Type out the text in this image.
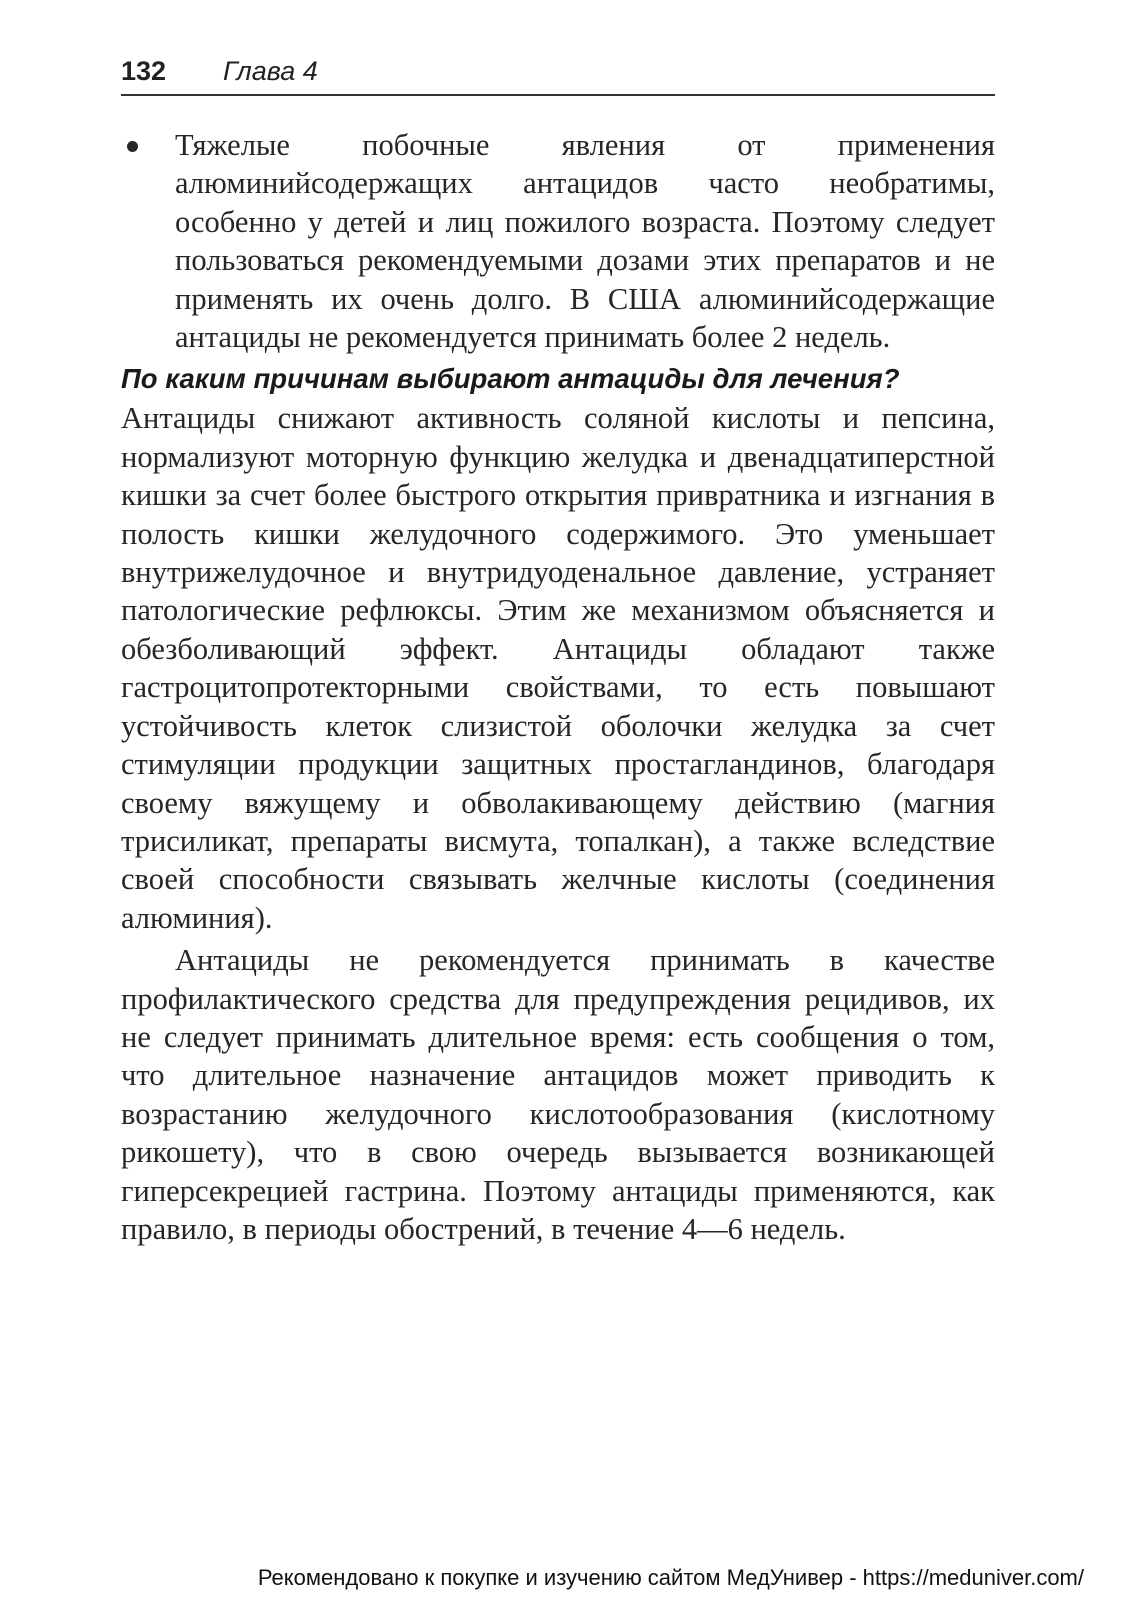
132 Глава 4
Тяжелые побочные явления от применения алюминийсодержащих антацидов часто необратимы, особенно у детей и лиц пожилого возраста. Поэтому следует пользоваться рекомендуемыми дозами этих препаратов и не применять их очень долго. В США алюминийсодержащие антациды не рекомендуется принимать более 2 недель.
По каким причинам выбирают антациды для лечения?

Антациды снижают активность соляной кислоты и пепсина, нормализуют моторную функцию желудка и двенадцатиперстной кишки за счет более быстрого открытия привратника и изгнания в полость кишки желудочного содержимого. Это уменьшает внутрижелудочное и внутридуоденальное давление, устраняет патологические рефлюксы. Этим же механизмом объясняется и обезболивающий эффект. Антациды обладают также гастроцитопротекторными свойствами, то есть повышают устойчивость клеток слизистой оболочки желудка за счет стимуляции продукции защитных простагландинов, благодаря своему вяжущему и обволакивающему действию (магния трисиликат, препараты висмута, топалкан), а также вследствие своей способности связывать желчные кислоты (соединения алюминия).

Антациды не рекомендуется принимать в качестве профилактического средства для предупреждения рецидивов, их не следует принимать длительное время: есть сообщения о том, что длительное назначение антацидов может приводить к возрастанию желудочного кислотообразования (кислотному рикошету), что в свою очередь вызывается возникающей гиперсекрецией гастрина. Поэтому антациды применяются, как правило, в периоды обострений, в течение 4—6 недель.

Рекомендовано к покупке и изучению сайтом МедУнивер - https://meduniver.com/
